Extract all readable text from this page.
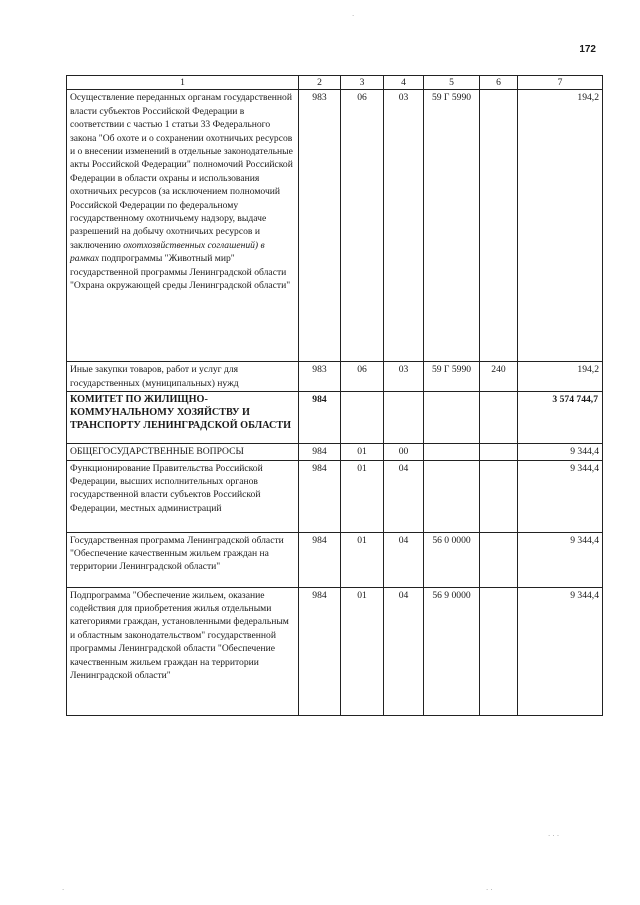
172
·
· · ·
·	· ·
1	2	3	4	5	6	7
Осуществление переданных органам государственной власти субъектов Российской Федерации в соответствии с частью 1 статьи 33 Федерального закона "Об охоте и о сохранении охотничьих ресурсов и о внесении изменений в отдельные законодательные акты Российской Федерации" полномочий Российской Федерации в области охраны и использования охотничьих ресурсов (за исключением полномочий Российской Федерации по федеральному государственному охотничьему надзору, выдаче разрешений на добычу охотничьих ресурсов и заключению охотхозяйственных соглашений) в рамках подпрограммы "Животный мир" государственной программы Ленинградской области "Охрана окружающей среды Ленинградской области"	983	06	03	59 Г 5990		194,2
Иные закупки товаров, работ и услуг для государственных (муниципальных) нужд	983	06	03	59 Г 5990	240	194,2
КОМИТЕТ ПО ЖИЛИЩНО-КОММУНАЛЬНОМУ ХОЗЯЙСТВУ И ТРАНСПОРТУ ЛЕНИНГРАДСКОЙ ОБЛАСТИ	984					3 574 744,7
ОБЩЕГОСУДАРСТВЕННЫЕ ВОПРОСЫ	984	01	00			9 344,4
Функционирование Правительства Российской Федерации, высших исполнительных органов государственной власти субъектов Российской Федерации, местных администраций	984	01	04			9 344,4
Государственная программа Ленинградской области "Обеспечение качественным жильем граждан на территории Ленинградской области"	984	01	04	56 0 0000		9 344,4
Подпрограмма "Обеспечение жильем, оказание содействия для приобретения жилья отдельными категориями граждан, установленными федеральным и областным законодательством" государственной программы Ленинградской области "Обеспечение качественным жильем граждан на территории Ленинградской области"	984	01	04	56 9 0000		9 344,4
